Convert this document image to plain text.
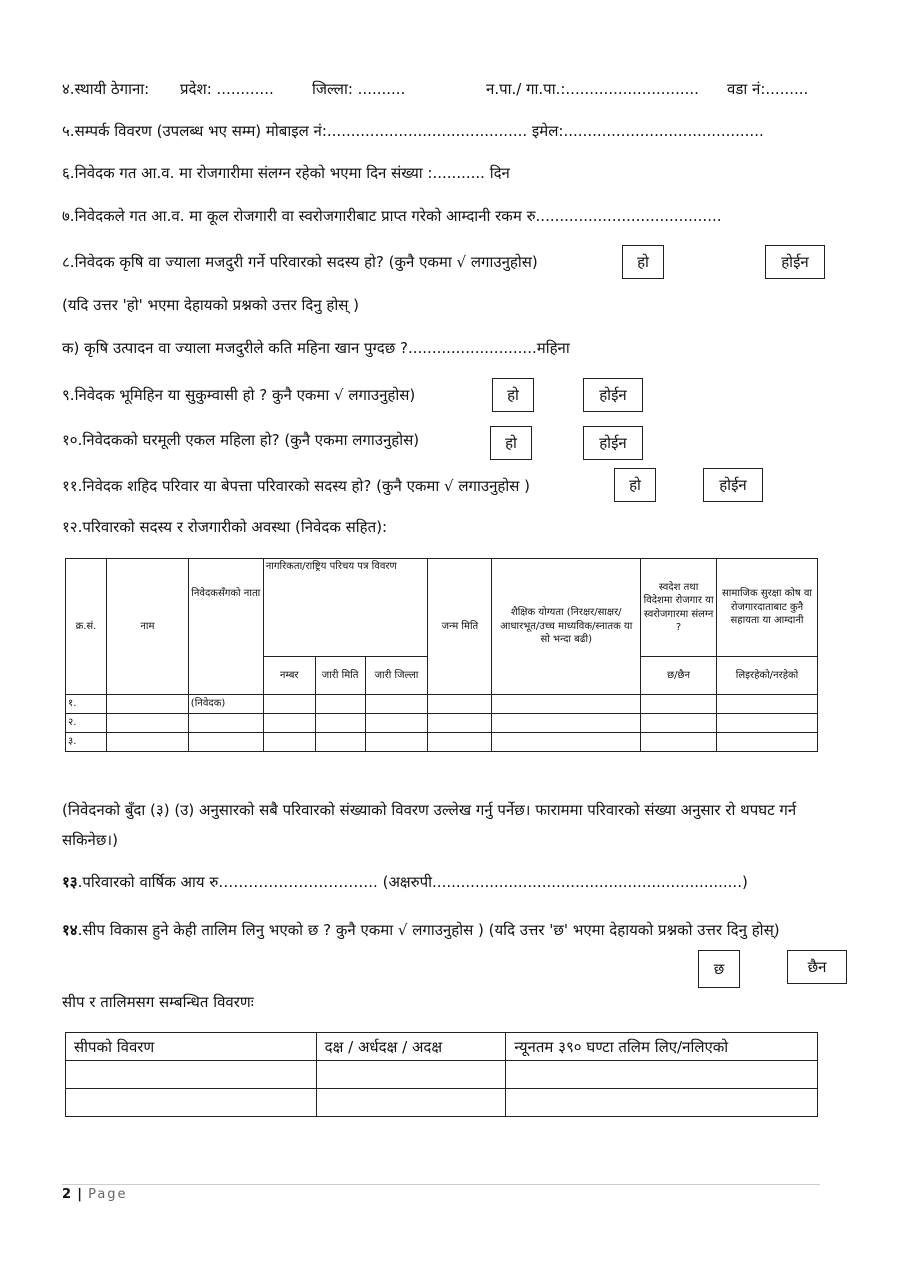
४.स्थायी ठेगाना: प्रदेश: ............	जिल्ला: ..........	न.पा./ गा.पा.:............................ वडा नं:.........
५.सम्पर्क विवरण (उपलब्ध भए सम्म) मोबाइल नं:.......................................... इमेल:..........................................
६.निवेदक गत आ.व. मा रोजगारीमा संलग्न रहेको भएमा दिन संख्या :........... दिन
७.निवेदकले गत आ.व. मा कूल रोजगारी वा स्वरोजगारीबाट प्राप्त गरेको आम्दानी रकम रु.......................................
८.निवेदक कृषि वा ज्याला मजदुरी गर्ने परिवारको सदस्य हो? (कुनै एकमा √ लगाउनुहोस)	हो	होईन
(यदि उत्तर 'हो' भएमा देहायको प्रश्नको उत्तर दिनु होस् )
क) कृषि उत्पादन वा ज्याला मजदुरीले कति महिना खान पुग्दछ ?...........................महिना
९.निवेदक भूमिहिन या सुकुम्वासी हो ? कुनै एकमा √ लगाउनुहोस)	हो	होईन
१०.निवेदकको घरमूली एकल महिला हो? (कुनै एकमा लगाउनुहोस)	हो	होईन
११.निवेदक शहिद परिवार या बेपत्ता परिवारको सदस्य हो? (कुनै एकमा √ लगाउनुहोस )	हो	होईन
१२.परिवारको सदस्य र रोजगारीको अवस्था (निवेदक सहित):
क्र.सं.	नाम	निवेदकसँगको नाता	नागरिकता/राष्ट्रिय परिचय पत्र विवरण			जन्म मिति	शैक्षिक योग्यता (निरक्षर/साक्षर/आधारभूत/उच्च माध्यविक/स्नातक या सो भन्दा बढी)	स्वदेश तथा विदेशमा रोजगार या स्वरोजगारमा संलग्न ?	सामाजिक सुरक्षा कोष वा रोजगारदाताबाट कुनै सहायता या आम्दानी
			नम्बर	जारी मिति	जारी जिल्ला			छ/छैन	लिइरहेको/नरहेको
१.		(निवेदक)							
२.									
३.									
(निवेदनको बुँदा (३) (उ) अनुसारको सबै परिवारको संख्याको विवरण उल्लेख गर्नु पर्नेछ। फाराममा परिवारको संख्या अनुसार रो थपघट गर्न सकिनेछ।)
१३.परिवारको वार्षिक आय रु………………………….. (अक्षरुपी.................................................................)
१४.सीप विकास हुने केही तालिम लिनु भएको छ ? कुनै एकमा √ लगाउनुहोस ) (यदि उत्तर 'छ' भएमा देहायको प्रश्नको उत्तर दिनु होस्)
छ	छैन
सीप र तालिमसग सम्बन्धित विवरणः
सीपको विवरण	दक्ष / अर्धदक्ष / अदक्ष	न्यूनतम ३९० घण्टा तलिम लिए/नलिएको

2 | Page
